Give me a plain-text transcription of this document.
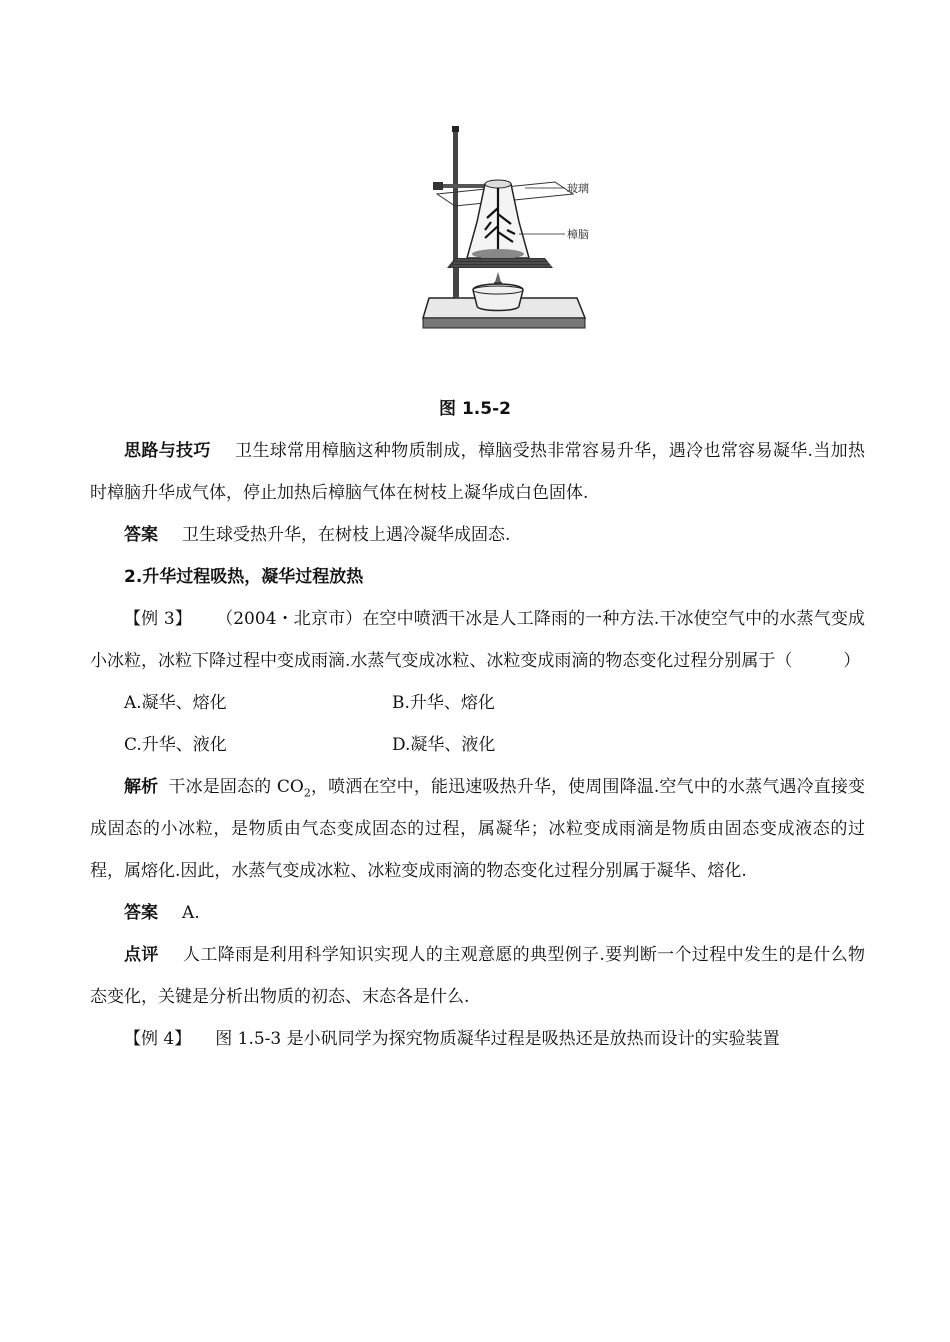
玻璃
樟脑
图 1.5-2

思路与技巧 卫生球常用樟脑这种物质制成，樟脑受热非常容易升华，遇冷也常容易凝华.当加热时樟脑升华成气体，停止加热后樟脑气体在树枝上凝华成白色固体.

答案 卫生球受热升华，在树枝上遇冷凝华成固态.

2.升华过程吸热，凝华过程放热

【例 3】 （2004・北京市）在空中喷洒干冰是人工降雨的一种方法.干冰使空气中的水蒸气变成小冰粒，冰粒下降过程中变成雨滴.水蒸气变成冰粒、冰粒变成雨滴的物态变化过程分别属于（　　　）

A.凝华、熔化	B.升华、熔化
C.升华、液化	D.凝华、液化

解析 干冰是固态的 $CO_2$，喷洒在空中，能迅速吸热升华，使周围降温.空气中的水蒸气遇冷直接变成固态的小冰粒，是物质由气态变成固态的过程，属凝华；冰粒变成雨滴是物质由固态变成液态的过程，属熔化.因此，水蒸气变成冰粒、冰粒变成雨滴的物态变化过程分别属于凝华、熔化.

答案 A.

点评 人工降雨是利用科学知识实现人的主观意愿的典型例子.要判断一个过程中发生的是什么物态变化，关键是分析出物质的初态、末态各是什么.

【例 4】 图 1.5-3 是小矾同学为探究物质凝华过程是吸热还是放热而设计的实验装置
